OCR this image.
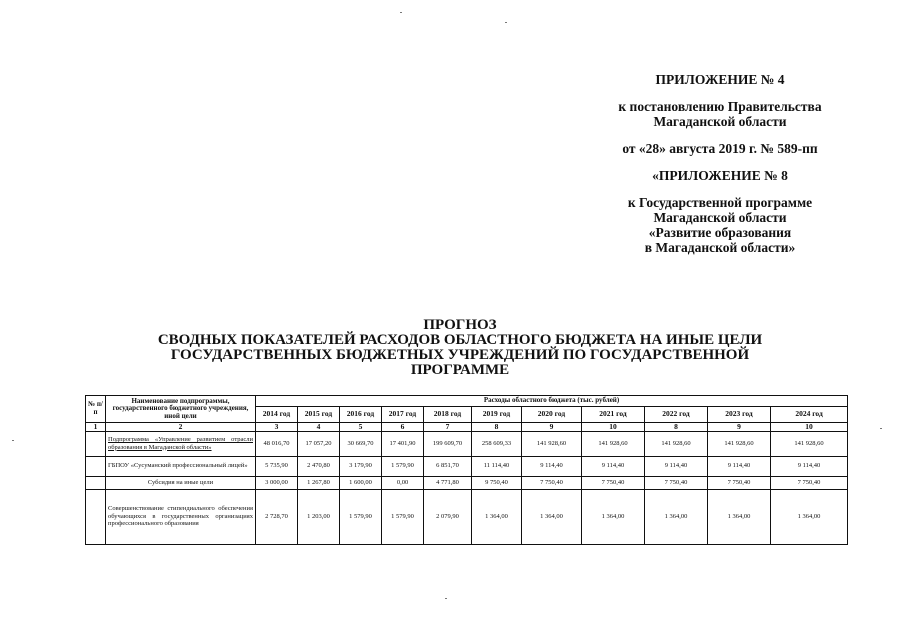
ПРИЛОЖЕНИЕ № 4
к постановлению Правительства
Магаданской области
от «28» августа 2019 г. № 589-пп
«ПРИЛОЖЕНИЕ № 8
к Государственной программе
Магаданской области
«Развитие образования
в Магаданской области»
ПРОГНОЗ
СВОДНЫХ ПОКАЗАТЕЛЕЙ РАСХОДОВ ОБЛАСТНОГО БЮДЖЕТА НА ИНЫЕ ЦЕЛИ
ГОСУДАРСТВЕННЫХ БЮДЖЕТНЫХ УЧРЕЖДЕНИЙ ПО ГОСУДАРСТВЕННОЙ
ПРОГРАММЕ
№ п/п	Наименование подпрограммы, государственного бюджетного учреждения, иной цели	Расходы областного бюджета (тыс. рублей)										
		2014 год	2015 год	2016 год	2017 год	2018 год	2019 год	2020 год	2021 год	2022 год	2023 год	2024 год
1	2	3	4	5	6	7	8	9	10	8	9	10
	Подпрограмма «Управление развитием отрасли образования в Магаданской области»	48 016,70	17 057,20	30 669,70	17 401,90	199 609,70	258 609,33	141 928,60	141 928,60	141 928,60	141 928,60	141 928,60
	ГБПОУ «Сусуманский профессиональный лицей»	5 735,90	2 470,80	3 179,90	1 579,90	6 851,70	11 114,40	9 114,40	9 114,40	9 114,40	9 114,40	9 114,40
	Субсидия на иные цели	3 000,00	1 267,80	1 600,00	0,00	4 771,80	9 750,40	7 750,40	7 750,40	7 750,40	7 750,40	7 750,40
	Совершенствование стипендиального обеспечения обучающихся в государственных организациях профессионального образования	2 728,70	1 203,00	1 579,90	1 579,90	2 079,90	1 364,00	1 364,00	1 364,00	1 364,00	1 364,00	1 364,00
